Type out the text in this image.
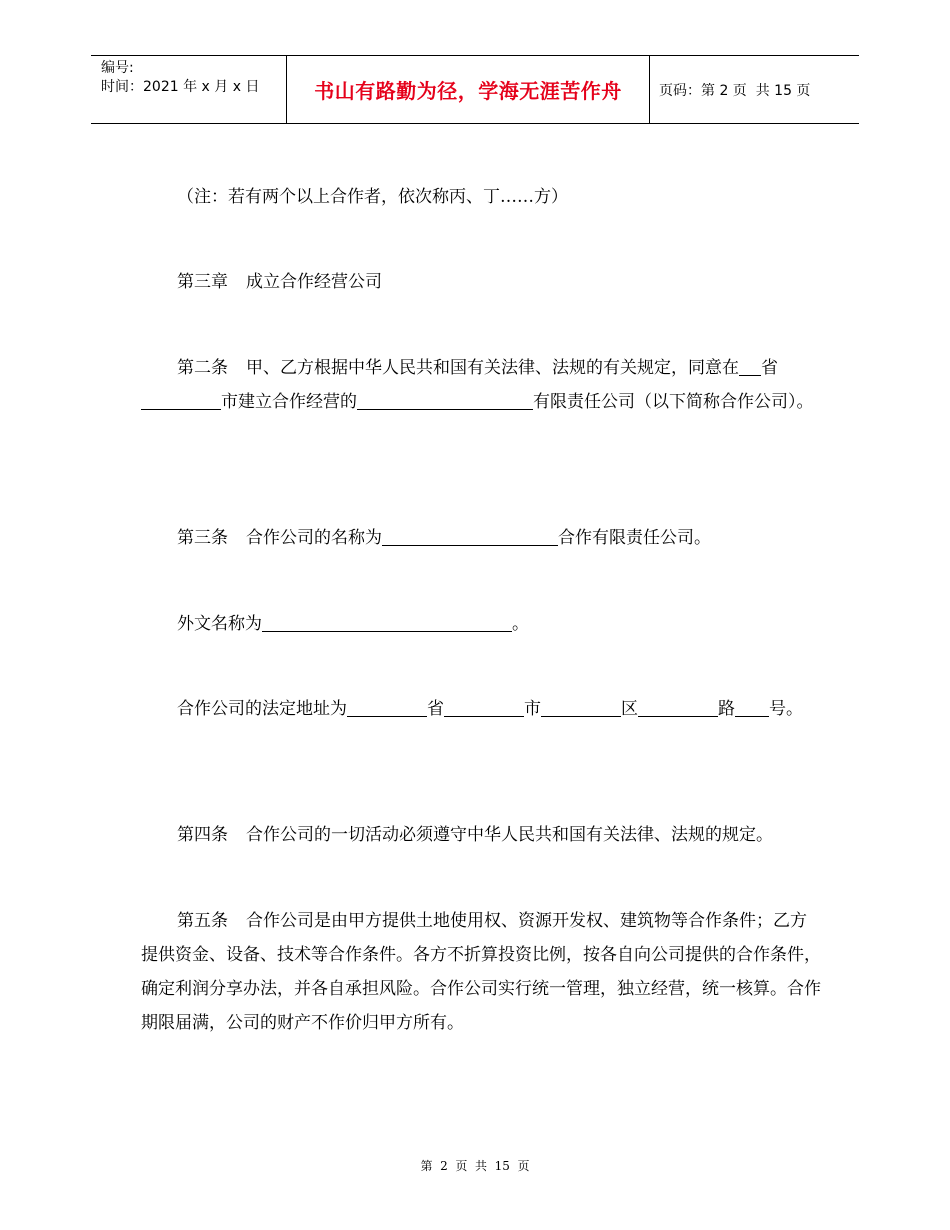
编号:
时间：2021 年 x 月 x 日	书山有路勤为径，学海无涯苦作舟	页码：第 2 页  共 15 页

（注：若有两个以上合作者，依次称丙、丁……方）

第三章 成立合作经营公司

第二条 甲、乙方根据中华人民共和国有关法律、法规的有关规定，同意在 省市建立合作经营的	有限责任公司（以下简称合作公司）。

第三条 合作公司的名称为	合作有限责任公司。

外文名称为	。

合作公司的法定地址为	省	市	区	路 号。

第四条 合作公司的一切活动必须遵守中华人民共和国有关法律、法规的规定。

第五条 合作公司是由甲方提供土地使用权、资源开发权、建筑物等合作条件；乙方提供资金、设备、技术等合作条件。各方不折算投资比例，按各自向公司提供的合作条件，确定利润分享办法，并各自承担风险。合作公司实行统一管理，独立经营，统一核算。合作期限届满，公司的财产不作价归甲方所有。

第  2  页  共  15  页
